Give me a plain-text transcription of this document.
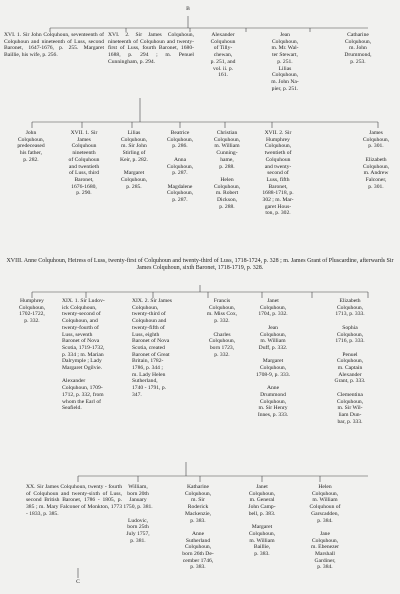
B

XVI. 1. Sir John Colquhoun, seventeenth of Colquhoun and nineteenth of Luss, second Baronet, 1647-1676, p. 255. Margaret Baillie, his wife, p. 256.

XVI. 2. Sir James Colquhoun, nineteenth of Colquhoun and twenty-first of Luss, fourth Baronet, 1680-1688, p. 294 ; m. Penuel Cunningham, p. 294.

Alexander
Colquhoun
of Tilly-
chewan,
p. 251, and
vol. ii. p.
161.

Jean
Colquhoun,
m. Mr. Wal-
ter Stewart,
p. 251.
Lilias
Colquhoun,
m. John Na-
pier, p. 251.

Catharine
Colquhoun,
m. John
Drummond,
p. 253.

John
Colquhoun,
predeceased
his father,
p. 282.

XVII. 1. Sir
James
Colquhoun
nineteenth
of Colquhoun
and twentieth
of Luss, third
Baronet,
1676-1680,
p. 290.

Lilias
Colquhoun,
m. Sir John
Stirling of
Keir, p. 282.

Margaret
Colquhoun,
p. 285.

Beatrice
Colquhoun,
p. 286.

Anna
Colquhoun,
p. 287.

Magdalene
Colquhoun,
p. 287.

Christian
Colquhoun,
m. William
Cunning-
hame,
p. 288.

Helen
Colquhoun,
m. Robert
Dickson,
p. 288.

XVII. 2. Sir
Humphrey
Colquhoun,
twentieth of
Colquhoun
and twenty-
second of
Luss, fifth
Baronet,
1688-1718, p.
302 ; m. Mar-
garet Hous-
ton, p. 302.

James
Colquhoun,
p. 301.

Elizabeth
Colquhoun,
m. Andrew
Falconer,
p. 301.

XVIII. Anne Colquhoun, Heiress of Luss, twenty-first of Colquhoun and twenty-third of Luss, 1718-1724, p. 328 ; m. James Grant of Pluscardine, afterwards Sir James Colquhoun, sixth Baronet, 1718-1719, p. 328.

Humphrey
Colquhoun,
1702-1722,
p. 332.

XIX. 1. Sir Ludov-
ick Colquhoun,
twenty-second of
Colquhoun, and
twenty-fourth of
Luss, seventh
Baronet of Nova
Scotia, 1719-1732,
p. 334 ; m. Marian
Dalrymple ; Lady
Margaret Ogilvie.

Alexander
Colquhoun, 1709-
1712, p. 332, from
whom the Earl of
Seafield.

XIX. 2. Sir James
Colquhoun,
twenty-third of
Colquhoun and
twenty-fifth of
Luss, eighth
Baronet of Nova
Scotia, created
Baronet of Great
Britain, 1782-
1786, p. 344 ;
m. Lady Helen
Sutherland,
1740 - 1791, p.
347.

Francis
Colquhoun,
m. Miss Cox,
p. 332.

Charles
Colquhoun,
born 1723,
p. 332.

Janet
Colquhoun,
1704, p. 332.

Jean
Colquhoun,
m. William
Duff, p. 332.

Margaret
Colquhoun,
1708-9, p. 333.

Anne
Drummond
Colquhoun,
m. Sir Henry
Innes, p. 333.

Elizabeth
Colquhoun,
1713, p. 333.

Sophia
Colquhoun,
1716, p. 333.

Penuel
Colquhoun,
m. Captain
Alexander
Grant, p. 333.

Clementina
Colquhoun,
m. Sir Wil-
liam Dun-
bar, p. 333.

XX. Sir James Colquhoun, twenty - fourth of Colquhoun and twenty-sixth of Luss, second British Baronet, 1786 - 1805, p. 385 ; m. Mary Falconer of Monkton, 1773 - 1833, p. 385.

William,
born 20th
January
1750, p. 381.

Ludovic,
born 25th
July 1757,
p. 381.

Katharine
Colquhoun,
m. Sir
Roderick
Mackenzie,
p. 383.

Anne
Sutherland
Colquhoun,
born 26th De-
cember 1746,
p. 383.

Janet
Colquhoun,
m. General
John Camp-
bell, p. 383.

Margaret
Colquhoun,
m. William
Baillie,
p. 383.

Helen
Colquhoun,
m. William
Colquhoun of
Garscadden,
p. 384.

Jane
Colquhoun,
m. Ebenezer
Marshall
Gardiner,
p. 384.

C
